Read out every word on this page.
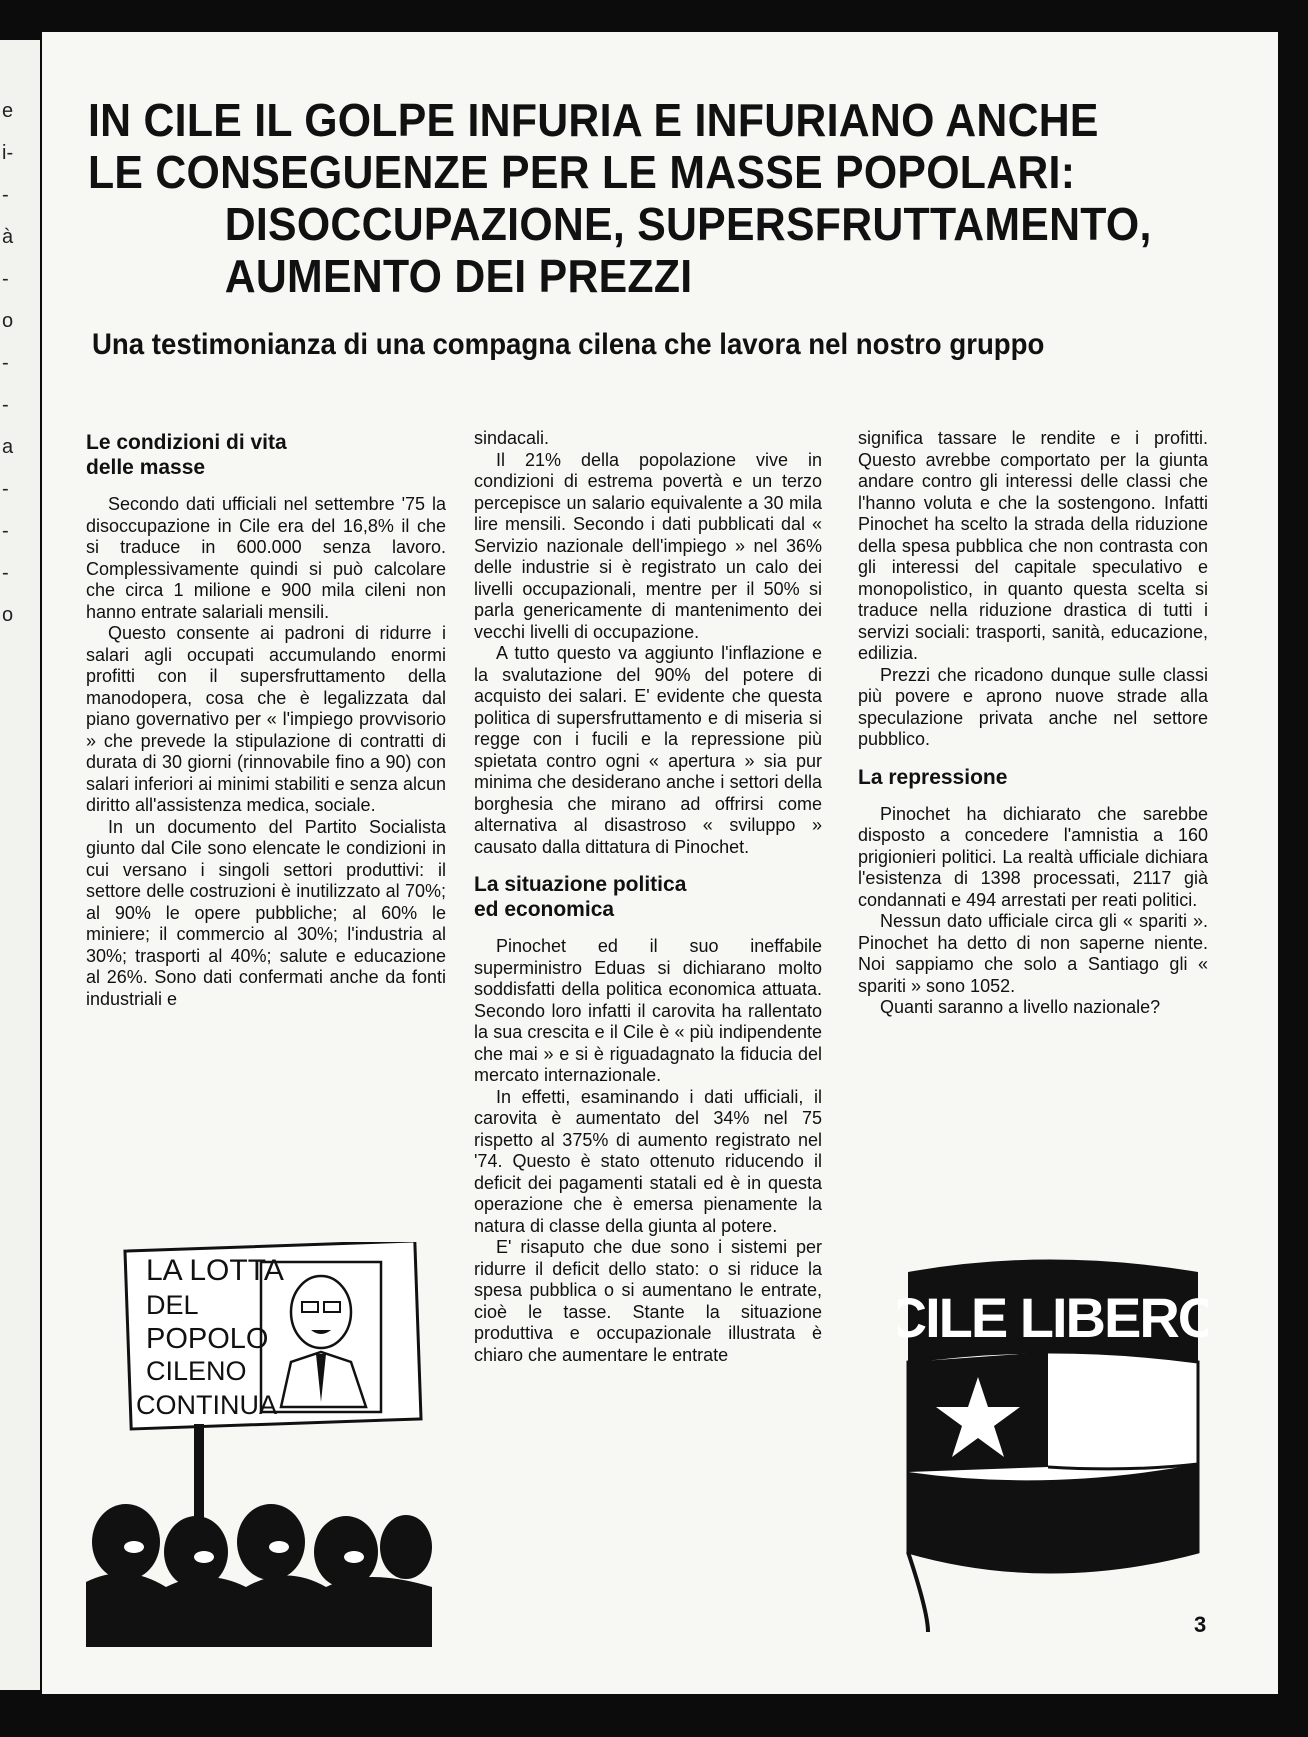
e
i-
-
à
-
o
-
-
a
-
-
-
o
IN CILE IL GOLPE INFURIA E INFURIANO ANCHE
LE CONSEGUENZE PER LE MASSE POPOLARI:
DISOCCUPAZIONE, SUPERSFRUTTAMENTO,
AUMENTO DEI PREZZI
Una testimonianza di una compagna cilena che lavora nel nostro gruppo
Le condizioni di vita
delle masse

Secondo dati ufficiali nel settembre '75 la disoccupazione in Cile era del 16,8% il che si traduce in 600.000 senza lavoro. Complessivamente quindi si può calcolare che circa 1 milione e 900 mila cileni non hanno entrate salariali mensili.

Questo consente ai padroni di ridurre i salari agli occupati accumulando enormi profitti con il supersfruttamento della manodopera, cosa che è legalizzata dal piano governativo per « l'impiego provvisorio » che prevede la stipulazione di contratti di durata di 30 giorni (rinnovabile fino a 90) con salari inferiori ai minimi stabiliti e senza alcun diritto all'assistenza medica, sociale.

In un documento del Partito Socialista giunto dal Cile sono elencate le condizioni in cui versano i singoli settori produttivi: il settore delle costruzioni è inutilizzato al 70%; al 90% le opere pubbliche; al 60% le miniere; il commercio al 30%; l'industria al 30%; trasporti al 40%; salute e educazione al 26%. Sono dati confermati anche da fonti industriali e

sindacali.

Il 21% della popolazione vive in condizioni di estrema povertà e un terzo percepisce un salario equivalente a 30 mila lire mensili. Secondo i dati pubblicati dal « Servizio nazionale dell'impiego » nel 36% delle industrie si è registrato un calo dei livelli occupazionali, mentre per il 50% si parla genericamente di mantenimento dei vecchi livelli di occupazione.

A tutto questo va aggiunto l'inflazione e la svalutazione del 90% del potere di acquisto dei salari. E' evidente che questa politica di supersfruttamento e di miseria si regge con i fucili e la repressione più spietata contro ogni « apertura » sia pur minima che desiderano anche i settori della borghesia che mirano ad offrirsi come alternativa al disastroso « sviluppo » causato dalla dittatura di Pinochet.

La situazione politica
ed economica

Pinochet ed il suo ineffabile superministro Eduas si dichiarano molto soddisfatti della politica economica attuata. Secondo loro infatti il carovita ha rallentato la sua crescita e il Cile è « più indipendente che mai » e si è riguadagnato la fiducia del mercato internazionale.

In effetti, esaminando i dati ufficiali, il carovita è aumentato del 34% nel 75 rispetto al 375% di aumento registrato nel '74. Questo è stato ottenuto riducendo il deficit dei pagamenti statali ed è in questa operazione che è emersa pienamente la natura di classe della giunta al potere.

E' risaputo che due sono i sistemi per ridurre il deficit dello stato: o si riduce la spesa pubblica o si aumentano le entrate, cioè le tasse. Stante la situazione produttiva e occupazionale illustrata è chiaro che aumentare le entrate

significa tassare le rendite e i profitti. Questo avrebbe comportato per la giunta andare contro gli interessi delle classi che l'hanno voluta e che la sostengono. Infatti Pinochet ha scelto la strada della riduzione della spesa pubblica che non contrasta con gli interessi del capitale speculativo e monopolistico, in quanto questa scelta si traduce nella riduzione drastica di tutti i servizi sociali: trasporti, sanità, educazione, edilizia.

Prezzi che ricadono dunque sulle classi più povere e aprono nuove strade alla speculazione privata anche nel settore pubblico.

La repressione

Pinochet ha dichiarato che sarebbe disposto a concedere l'amnistia a 160 prigionieri politici. La realtà ufficiale dichiara l'esistenza di 1398 processati, 2117 già condannati e 494 arrestati per reati politici.

Nessun dato ufficiale circa gli « spariti ». Pinochet ha detto di non saperne niente. Noi sappiamo che solo a Santiago gli « spariti » sono 1052.

Quanti saranno a livello nazionale?

LA LOTTA
DEL
POPOLO
CILENO
CONTINUA
CILE LIBERO
3
